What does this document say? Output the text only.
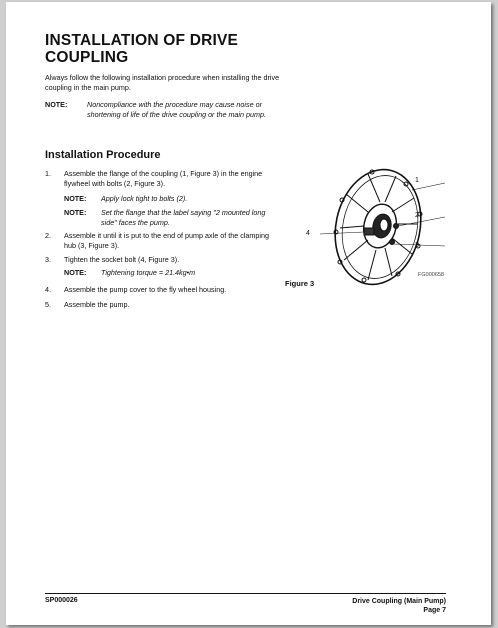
INSTALLATION OF DRIVE COUPLING

Always follow the following installation procedure when installing the drive coupling in the main pump.

NOTE:	Noncompliance with the procedure may cause noise or shortening of life of the drive coupling or the main pump.
Installation Procedure
1. Assemble the flange of the coupling (1, Figure 3) in the engine flywheel with bolts (2, Figure 3).
NOTE: Apply lock tight to bolts (2).
NOTE: Set the flange that the label saying "2 mounted long side" faces the pump.
2. Assemble it until it is put to the end of pump axle of the clamping hub (3, Figure 3).
3. Tighten the socket bolt (4, Figure 3).
NOTE: Tightening torque = 21.4kg•m
4. Assemble the pump cover to the fly wheel housing.
5. Assemble the pump.
1
2
3
4
FG000658
Figure 3
SP000026	Drive Coupling (Main Pump)
Page 7
